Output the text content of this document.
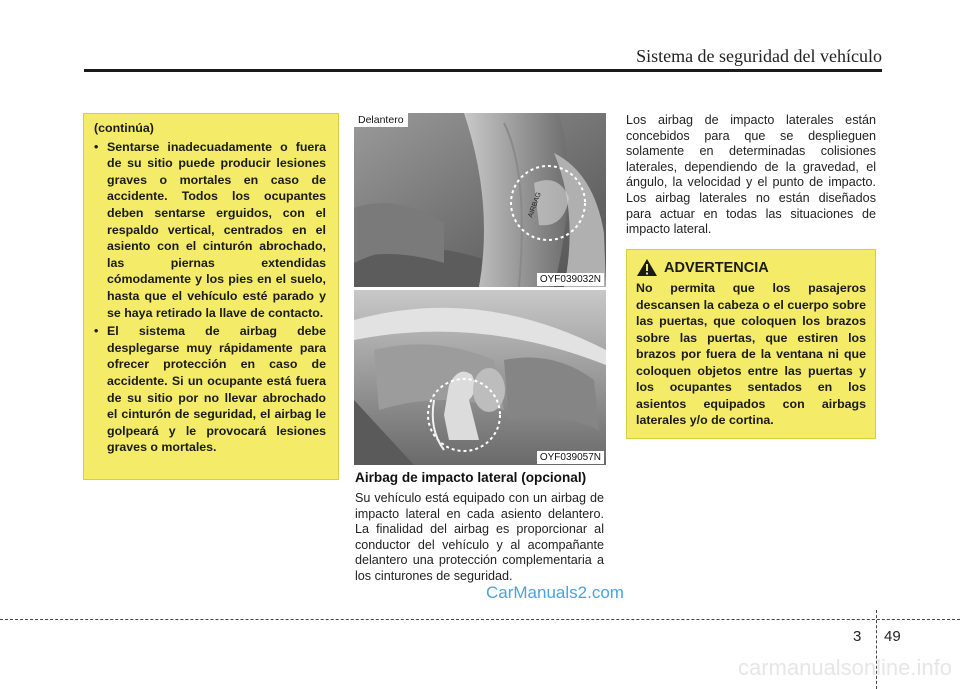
Sistema de seguridad del vehículo

(continúa)

• Sentarse inadecuadamente o fuera de su sitio puede producir lesiones graves o mortales en caso de accidente. Todos los ocupantes deben sentarse erguidos, con el respaldo vertical, centrados en el asiento con el cinturón abrochado, las piernas extendidas cómodamente y los pies en el suelo, hasta que el vehículo esté parado y se haya retirado la llave de contacto.
• El sistema de airbag debe desplegarse muy rápidamente para ofrecer protección en caso de accidente. Si un ocupante está fuera de su sitio por no llevar abrochado el cinturón de seguridad, el airbag le golpeará y le provocará lesiones graves o mortales.
AIRBAG
Delantero
OYF039032N
OYF039057N
Airbag de impacto lateral (opcional)
Su vehículo está equipado con un airbag de impacto lateral en cada asiento delantero. La finalidad del airbag es proporcionar al conductor del vehículo y al acompañante delantero una protección complementaria a los cinturones de seguridad.
Los airbag de impacto laterales están concebidos para que se desplieguen solamente en determinadas colisiones laterales, dependiendo de la gravedad, el ángulo, la velocidad y el punto de impacto. Los airbag laterales no están diseñados para actuar en todas las situaciones de impacto lateral.
ADVERTENCIA
No permita que los pasajeros descansen la cabeza o el cuerpo sobre las puertas, que coloquen los brazos sobre las puertas, que estiren los brazos por fuera de la ventana ni que coloquen objetos entre las puertas y los ocupantes sentados en los asientos equipados con airbags laterales y/o de cortina.
CarManuals2.com
3 49
carmanualsonline.info
